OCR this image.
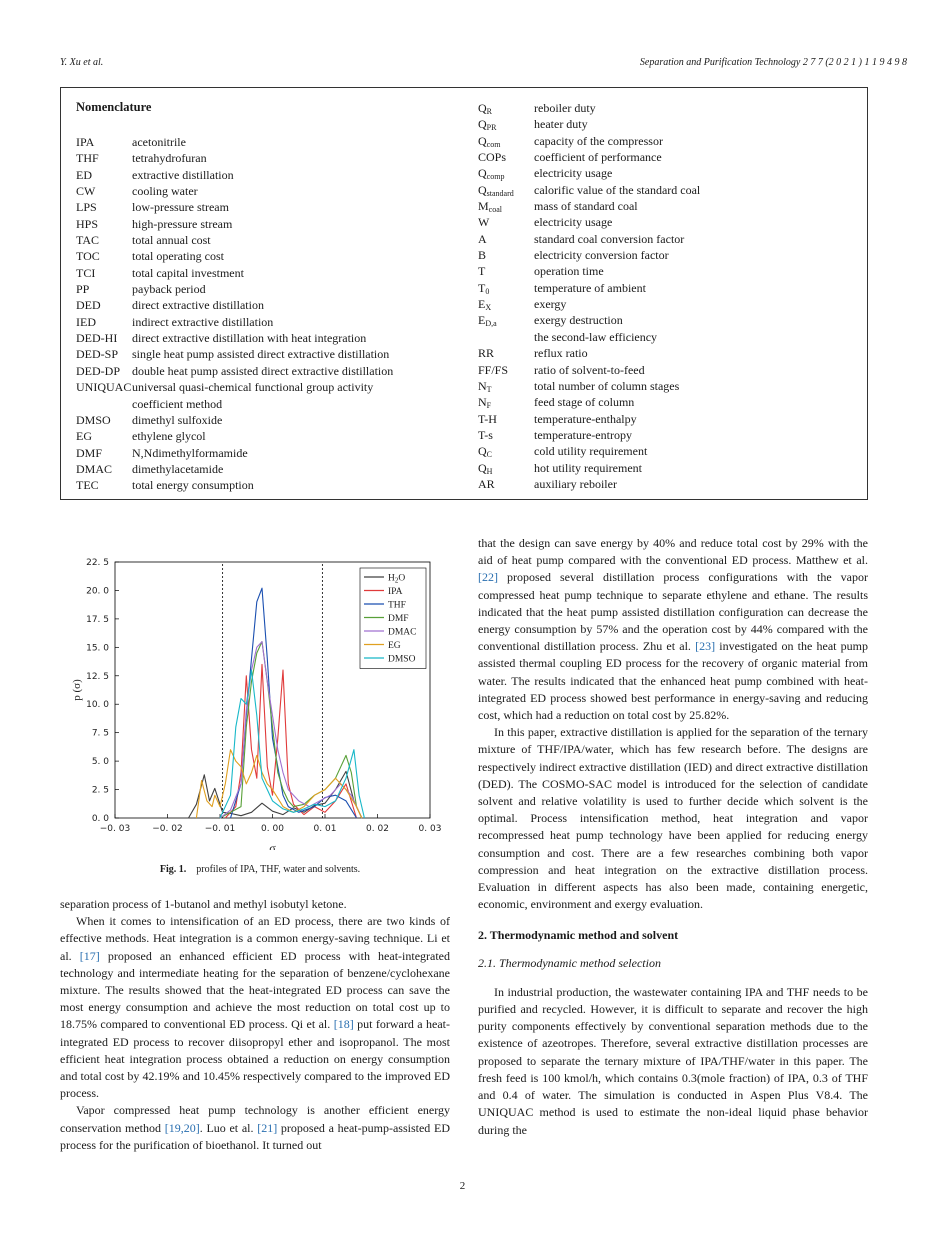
Y. Xu et al.	Separation and Purification Technology 2 7 7 (2 0 2 1 ) 1 1 9 4 9 8
Nomenclature
IPA	acetonitrile
THF	tetrahydrofuran
ED	extractive distillation
CW	cooling water
LPS	low-pressure stream
HPS	high-pressure stream
TAC	total annual cost
TOC	total operating cost
TCI	total capital investment
PP	payback period
DED	direct extractive distillation
IED	indirect extractive distillation
DED-HI direct extractive distillation with heat integration
DED-SP single heat pump assisted direct extractive distillation
DED-DP double heat pump assisted direct extractive distillation
UNIQUAC universal quasi-chemical functional group activity
coefficient method
DMSO dimethyl sulfoxide
EG	ethylene glycol
DMF N,Ndimethylformamide
DMAC dimethylacetamide
TEC	total energy consumption
$Q_R$	reboiler duty
$Q_{PR}$	heater duty
$Q_{com}$	capacity of the compressor
COPs coefficient of performance
$Q_{comp}$ electricity usage
$Q_{standard}$ calorific value of the standard coal
$M_{coal}$	mass of standard coal
W	electricity usage
A	standard coal conversion factor
B	electricity conversion factor
T	operation time
$T_0$	temperature of ambient
$E_X$	exergy
$E_{D,a}$	exergy destruction
the second-law efficiency
RR	reflux ratio
FF/FS ratio of solvent-to-feed
$N_T$	total number of column stages
$N_F$	feed stage of column
T-H	temperature-enthalpy
T-s	temperature-entropy
$Q_C$	cold utility requirement
$Q_H$	hot utility requirement
AR	auxiliary reboiler
−0. 03 −0. 02 −0. 01	0. 00	0. 01	0. 02	0. 03
0. 0
2. 5
5. 0
7. 5
10. 0
12. 5
15. 0
17. 5
20. 0
22. 5
$H_2O$
IPA
THF
DMF
DMAC
EG
DMSO
σ
p (σ)
Fig. 1. profiles of IPA, THF, water and solvents.

separation process of 1-butanol and methyl isobutyl ketone.

When it comes to intensification of an ED process, there are two kinds of effective methods. Heat integration is a common energy-saving technique. Li et al. [17] proposed an enhanced efficient ED process with heat-integrated technology and intermediate heating for the separation of benzene/cyclohexane mixture. The results showed that the heat-integrated ED process can save the most energy consumption and achieve the most reduction on total cost up to 18.75% compared to conventional ED process. Qi et al. [18] put forward a heat-integrated ED process to recover diisopropyl ether and isopropanol. The most efficient heat integration process obtained a reduction on energy consumption and total cost by 42.19% and 10.45% respectively compared to the improved ED process.

Vapor compressed heat pump technology is another efficient energy conservation method [19,20]. Luo et al. [21] proposed a heat-pump-assisted ED process for the purification of bioethanol. It turned out

that the design can save energy by 40% and reduce total cost by 29% with the aid of heat pump compared with the conventional ED process. Matthew et al. [22] proposed several distillation process configurations with the vapor compressed heat pump technique to separate ethylene and ethane. The results indicated that the heat pump assisted distillation configuration can decrease the energy consumption by 57% and the operation cost by 44% compared with the conventional distillation process. Zhu et al. [23] investigated on the heat pump assisted thermal coupling ED process for the recovery of organic material from water. The results indicated that the enhanced heat pump combined with heat-integrated ED process showed best performance in energy-saving and reducing cost, which had a reduction on total cost by 25.82%.

In this paper, extractive distillation is applied for the separation of the ternary mixture of THF/IPA/water, which has few research before. The designs are respectively indirect extractive distillation (IED) and direct extractive distillation (DED). The COSMO-SAC model is introduced for the selection of candidate solvent and relative volatility is used to further decide which solvent is the optimal. Process intensification method, heat integration and vapor recompressed heat pump technology have been applied for reducing energy consumption and cost. There are a few researches combining both vapor compression and heat integration on the extractive distillation process. Evaluation in different aspects has also been made, containing energetic, economic, environment and exergy evaluation.

2. Thermodynamic method and solvent

2.1. Thermodynamic method selection

In industrial production, the wastewater containing IPA and THF needs to be purified and recycled. However, it is difficult to separate and recover the high purity components effectively by conventional separation methods due to the existence of azeotropes. Therefore, several extractive distillation processes are proposed to separate the ternary mixture of IPA/THF/water in this paper. The fresh feed is 100 kmol/h, which contains 0.3(mole fraction) of IPA, 0.3 of THF and 0.4 of water. The simulation is conducted in Aspen Plus V8.4. The UNIQUAC method is used to estimate the non-ideal liquid phase behavior during the

2
